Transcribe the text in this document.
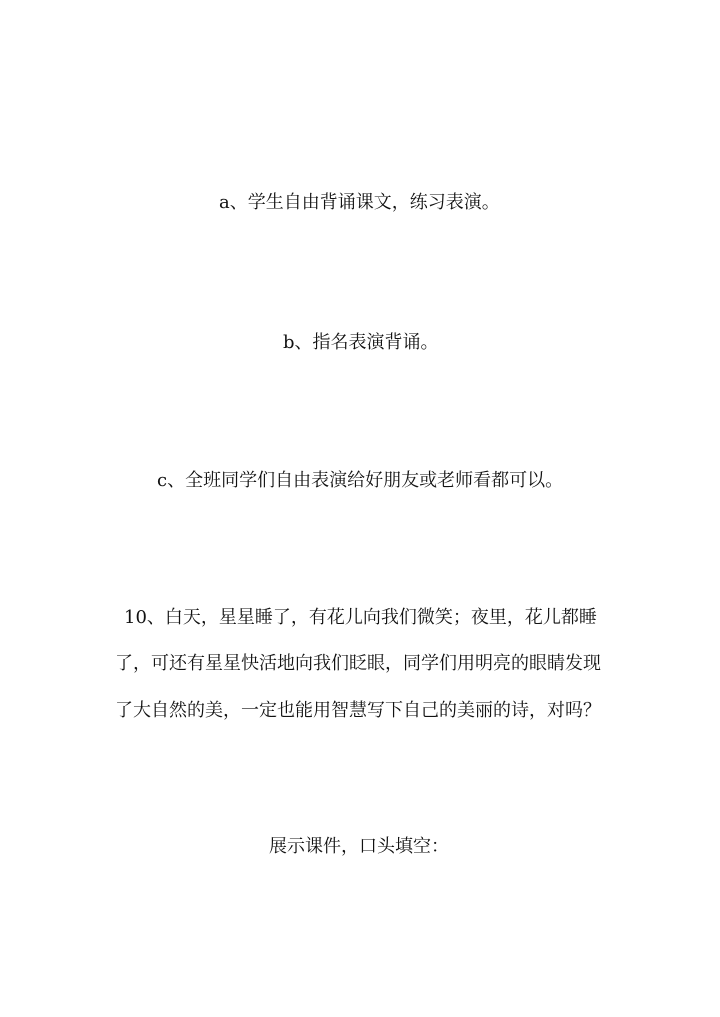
a、学生自由背诵课文，练习表演。
b、指名表演背诵。
c、全班同学们自由表演给好朋友或老师看都可以。
10、白天，星星睡了，有花儿向我们微笑；夜里，花儿都睡
了，可还有星星快活地向我们眨眼，同学们用明亮的眼睛发现
了大自然的美，一定也能用智慧写下自己的美丽的诗，对吗？
展示课件，口头填空：
